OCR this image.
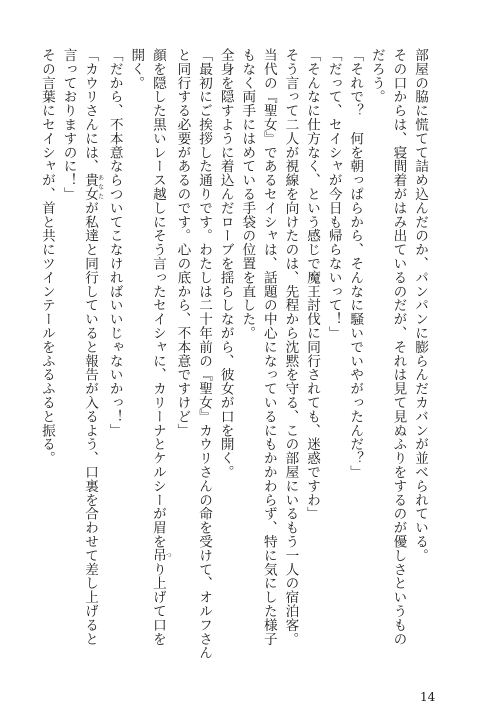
部屋の脇に慌てて詰め込んだのか、パンパンに膨らんだカバンが並べられている。
その口からは、寝間着がはみ出ているのだが、それは見て見ぬふりをするのが優しさというもの
だろう。
「それで？　何を朝っぱらから、そんなに騒いでいやがったんだ？」
「だって、セイシャが今日も帰らないって！」
「そんなに仕方なく、という感じで魔王討伐に同行されても、迷惑ですわ」
そう言って二人が視線を向けたのは、先程から沈黙を守る、この部屋にいるもう一人の宿泊客。
当代の『聖女』であるセイシャは、話題の中心になっているにもかかわらず、特に気にした様子
もなく両手にはめている手袋の位置を直した。
全身を隠すように着込んだローブを揺らしながら、彼女が口を開く。
「最初にご挨拶した通りです。わたしは二十年前の『聖女』カウリさんの命を受けて、オルフさん
と同行する必要があるのです。心の底から、不本意ですけど」
顔を隠した黒いレース越しにそう言ったセイシャに、カリーナとケルシーが眉を吊つり上げて口を
開く。
「だから、不本意ならついてこなければいいじゃないかっ！」
「カウリさんには、貴女あなたが私達と同行していると報告が入るよう、口裏を合わせて差し上げると
言っておりますのに！」
その言葉にセイシャが、首と共にツインテールをふるふると振る。
14
